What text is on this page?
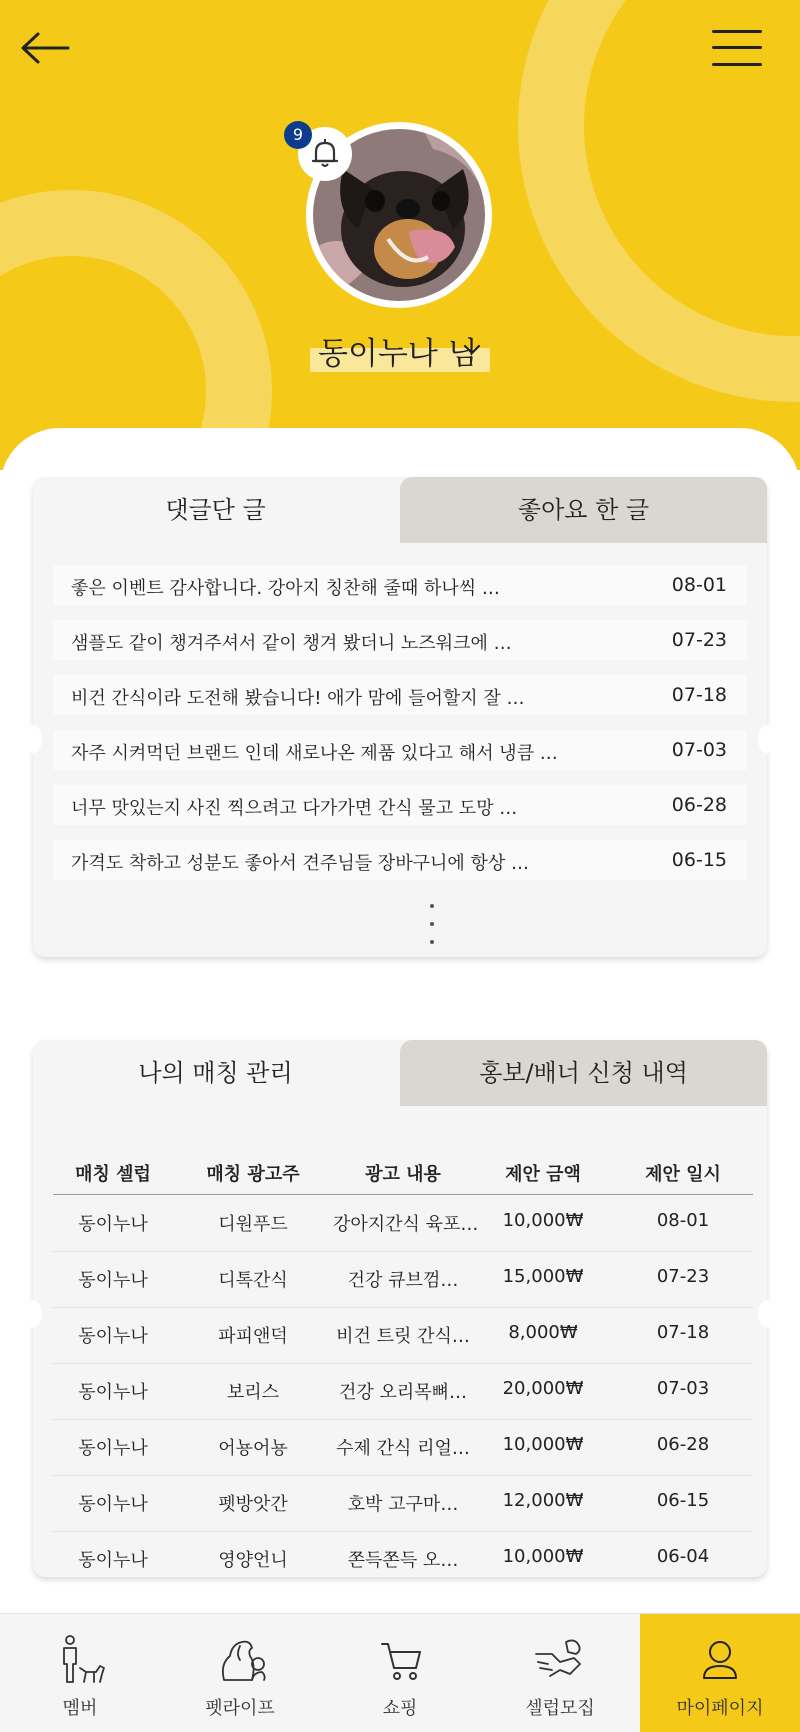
9
동이누나 님
좋아요 한 글
댓글단 글
좋은 이벤트 감사합니다. 강아지 칭찬해 줄때 하나씩 …	08-01
샘플도 같이 챙겨주셔서 같이 챙겨 봤더니 노즈워크에 …	07-23
비건 간식이라 도전해 봤습니다! 애가 맘에 들어할지 잘 …	07-18
자주 시켜먹던 브랜드 인데 새로나온 제품 있다고 해서 냉큼 …	07-03
너무 맛있는지 사진 찍으려고 다가가면 간식 물고 도망 …	06-28
가격도 착하고 성분도 좋아서 견주님들 장바구니에 항상 …	06-15
홍보/배너 신청 내역
나의 매칭 관리
매칭 셀럽	매칭 광고주	광고 내용	제안 금액	제안 일시
동이누나	디원푸드	강아지간식 육포…	10,000₩	08-01
동이누나	디톡간식	건강 큐브껌…	15,000₩	07-23
동이누나	파피앤덕	비건 트릿 간식…	8,000₩	07-18
동이누나	보리스	건강 오리목뼈…	20,000₩	07-03
동이누나	어뇽어뇽	수제 간식 리얼…	10,000₩	06-28
동이누나	펫방앗간	호박 고구마…	12,000₩	06-15
동이누나	영양언니	쫀득쫀득 오…	10,000₩	06-04
멤버	펫라이프	쇼핑	셀럽모집	마이페이지
